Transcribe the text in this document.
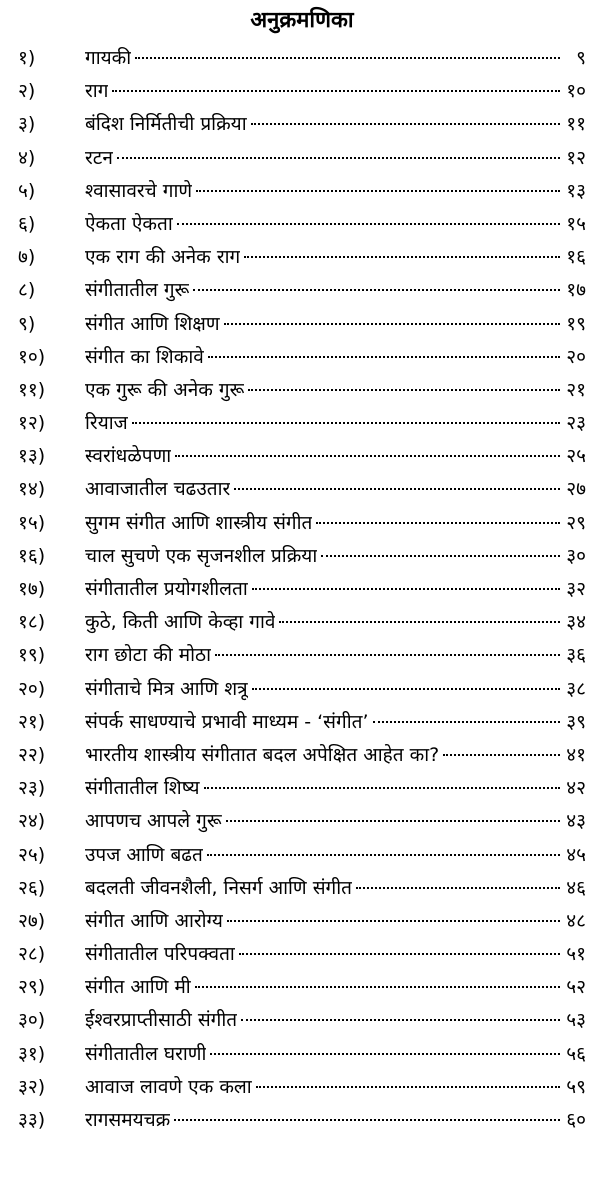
अनुक्रमणिका
१)	गायकी	९
२)	राग	१०
३)	बंदिश निर्मितीची प्रक्रिया	११
४)	रटन	१२
५)	श्वासावरचे गाणे	१३
६)	ऐकता ऐकता	१५
७)	एक राग की अनेक राग	१६
८)	संगीतातील गुरू	१७
९)	संगीत आणि शिक्षण	१९
१०)	संगीत का शिकावे	२०
११)	एक गुरू की अनेक गुरू	२१
१२)	रियाज	२३
१३)	स्वरांधळेपणा	२५
१४)	आवाजातील चढउतार	२७
१५)	सुगम संगीत आणि शास्त्रीय संगीत	२९
१६)	चाल सुचणे एक सृजनशील प्रक्रिया	३०
१७)	संगीतातील प्रयोगशीलता	३२
१८)	कुठे, किती आणि केव्हा गावे	३४
१९)	राग छोटा की मोठा	३६
२०)	संगीताचे मित्र आणि शत्रू	३८
२१)	संपर्क साधण्याचे प्रभावी माध्यम - ‘संगीत’	३९
२२)	भारतीय शास्त्रीय संगीतात बदल अपेक्षित आहेत का?	४१
२३)	संगीतातील शिष्य	४२
२४)	आपणच आपले गुरू	४३
२५)	उपज आणि बढत	४५
२६)	बदलती जीवनशैली, निसर्ग आणि संगीत	४६
२७)	संगीत आणि आरोग्य	४८
२८)	संगीतातील परिपक्वता	५१
२९)	संगीत आणि मी	५२
३०)	ईश्वरप्राप्तीसाठी संगीत	५३
३१)	संगीतातील घराणी	५६
३२)	आवाज लावणे एक कला	५९
३३)	रागसमयचक्र	६०
